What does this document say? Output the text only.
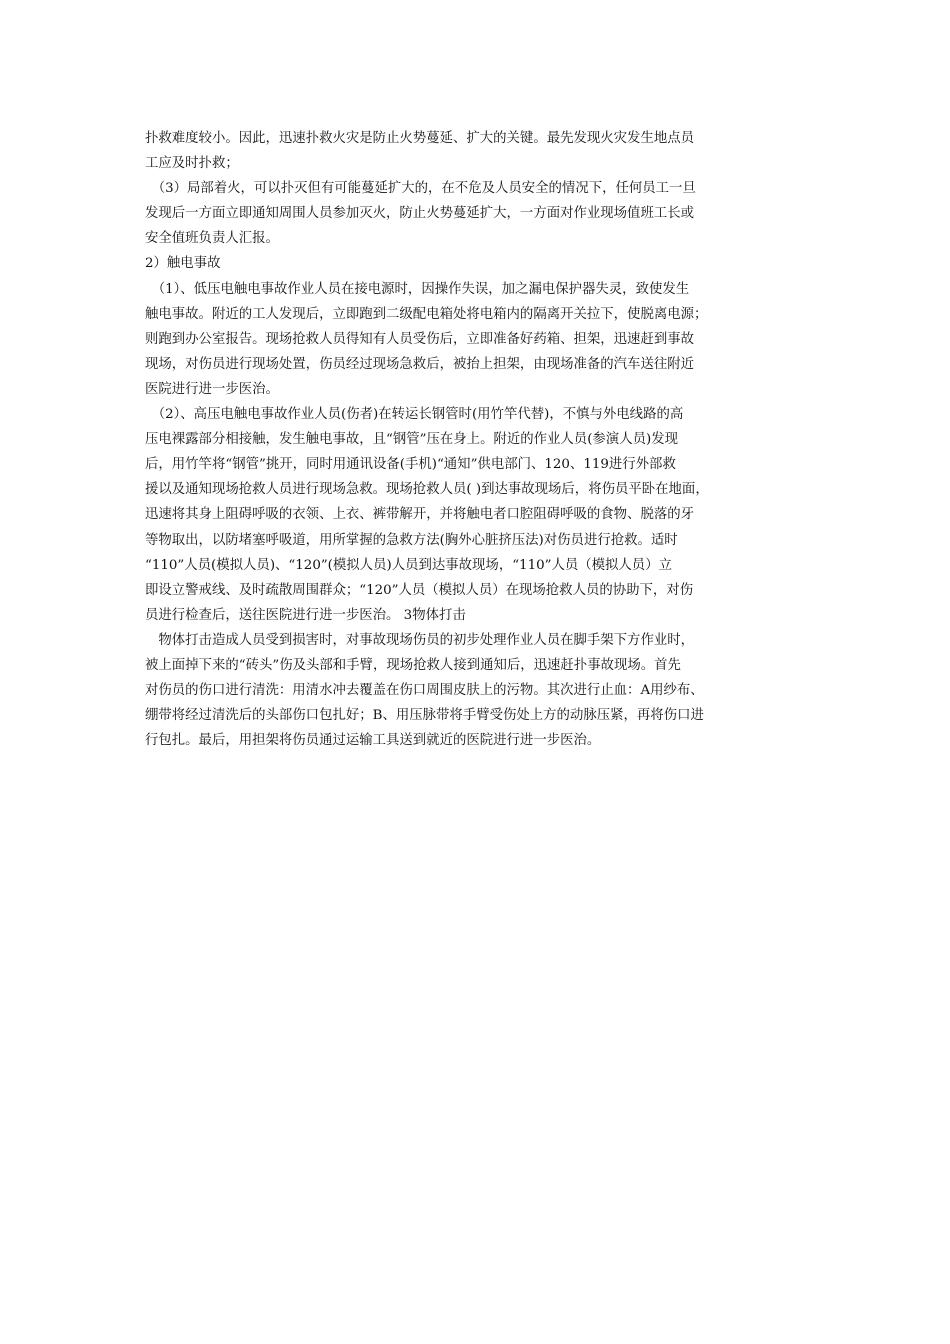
扑救难度较小。因此，迅速扑救火灾是防止火势蔓延、扩大的关键。最先发现火灾发生地点员
工应及时扑救；
　（3）局部着火，可以扑灭但有可能蔓延扩大的，在不危及人员安全的情况下，任何员工一旦
发现后一方面立即通知周围人员参加灭火，防止火势蔓延扩大，一方面对作业现场值班工长或
安全值班负责人汇报。
2）触电事故
　（1）、低压电触电事故作业人员在接电源时，因操作失误，加之漏电保护器失灵，致使发生
触电事故。附近的工人发现后，立即跑到二级配电箱处将电箱内的隔离开关拉下，使脱离电源；
则跑到办公室报告。现场抢救人员得知有人员受伤后，立即准备好药箱、担架，迅速赶到事故
现场，对伤员进行现场处置，伤员经过现场急救后，被抬上担架，由现场准备的汽车送往附近
医院进行进一步医治。
　（2）、高压电触电事故作业人员(伤者)在转运长钢管时(用竹竿代替)，不慎与外电线路的高
压电裸露部分相接触，发生触电事故，且“钢管”压在身上。附近的作业人员(参演人员)发现
后，用竹竿将“钢管”挑开，同时用通讯设备(手机)“通知”供电部门、120、119进行外部救
援以及通知现场抢救人员进行现场急救。现场抢救人员( )到达事故现场后，将伤员平卧在地面，
迅速将其身上阻碍呼吸的衣领、上衣、裤带解开，并将触电者口腔阻碍呼吸的食物、脱落的牙
等物取出，以防堵塞呼吸道，用所掌握的急救方法(胸外心脏挤压法)对伤员进行抢救。适时
“110”人员(模拟人员)、“120”(模拟人员)人员到达事故现场，“110”人员（模拟人员）立
即设立警戒线、及时疏散周围群众；“120”人员（模拟人员）在现场抢救人员的协助下，对伤
员进行检查后，送往医院进行进一步医治。 3物体打击
　物体打击造成人员受到损害时，对事故现场伤员的初步处理作业人员在脚手架下方作业时，
被上面掉下来的“砖头”伤及头部和手臂，现场抢救人接到通知后，迅速赶扑事故现场。首先
对伤员的伤口进行清洗：用清水冲去覆盖在伤口周围皮肤上的污物。其次进行止血：A用纱布、
绷带将经过清洗后的头部伤口包扎好；B、用压脉带将手臂受伤处上方的动脉压紧，再将伤口进
行包扎。最后，用担架将伤员通过运输工具送到就近的医院进行进一步医治。
